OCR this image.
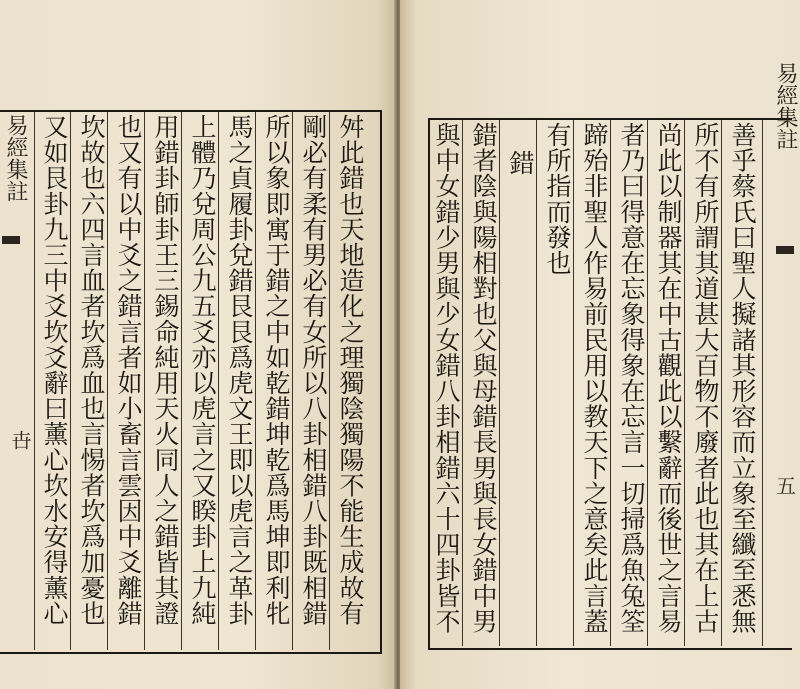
易經集註
卋	舛此錯也天地造化之理獨陰獨陽不能生成故有
剛必有柔有男必有女所以八卦相錯八卦既相錯
所以象即寓于錯之中如乾錯坤乾爲馬坤即利牝
馬之貞履卦兌錯艮艮爲虎文王即以虎言之革卦
上體乃兌周公九五爻亦以虎言之又睽卦上九純
用錯卦師卦王三錫命純用天火同人之錯皆其證
也又有以中爻之錯言者如小畜言雲因中爻離錯
坎故也六四言血者坎爲血也言惕者坎爲加憂也
又如艮卦九三中爻坎爻辭曰薰心坎水安得薰心
易經集註
五
善乎蔡氏曰聖人擬諸其形容而立象至纖至悉無
所不有所謂其道甚大百物不廢者此也其在上古
尚此以制器其在中古觀此以繫辭而後世之言易
者乃曰得意在忘象得象在忘言一切掃爲魚兔筌
蹄殆非聖人作易前民用以教天下之意矣此言蓋
有所指而發也
錯
錯者陰與陽相對也父與母錯長男與長女錯中男
與中女錯少男與少女錯八卦相錯六十四卦皆不
